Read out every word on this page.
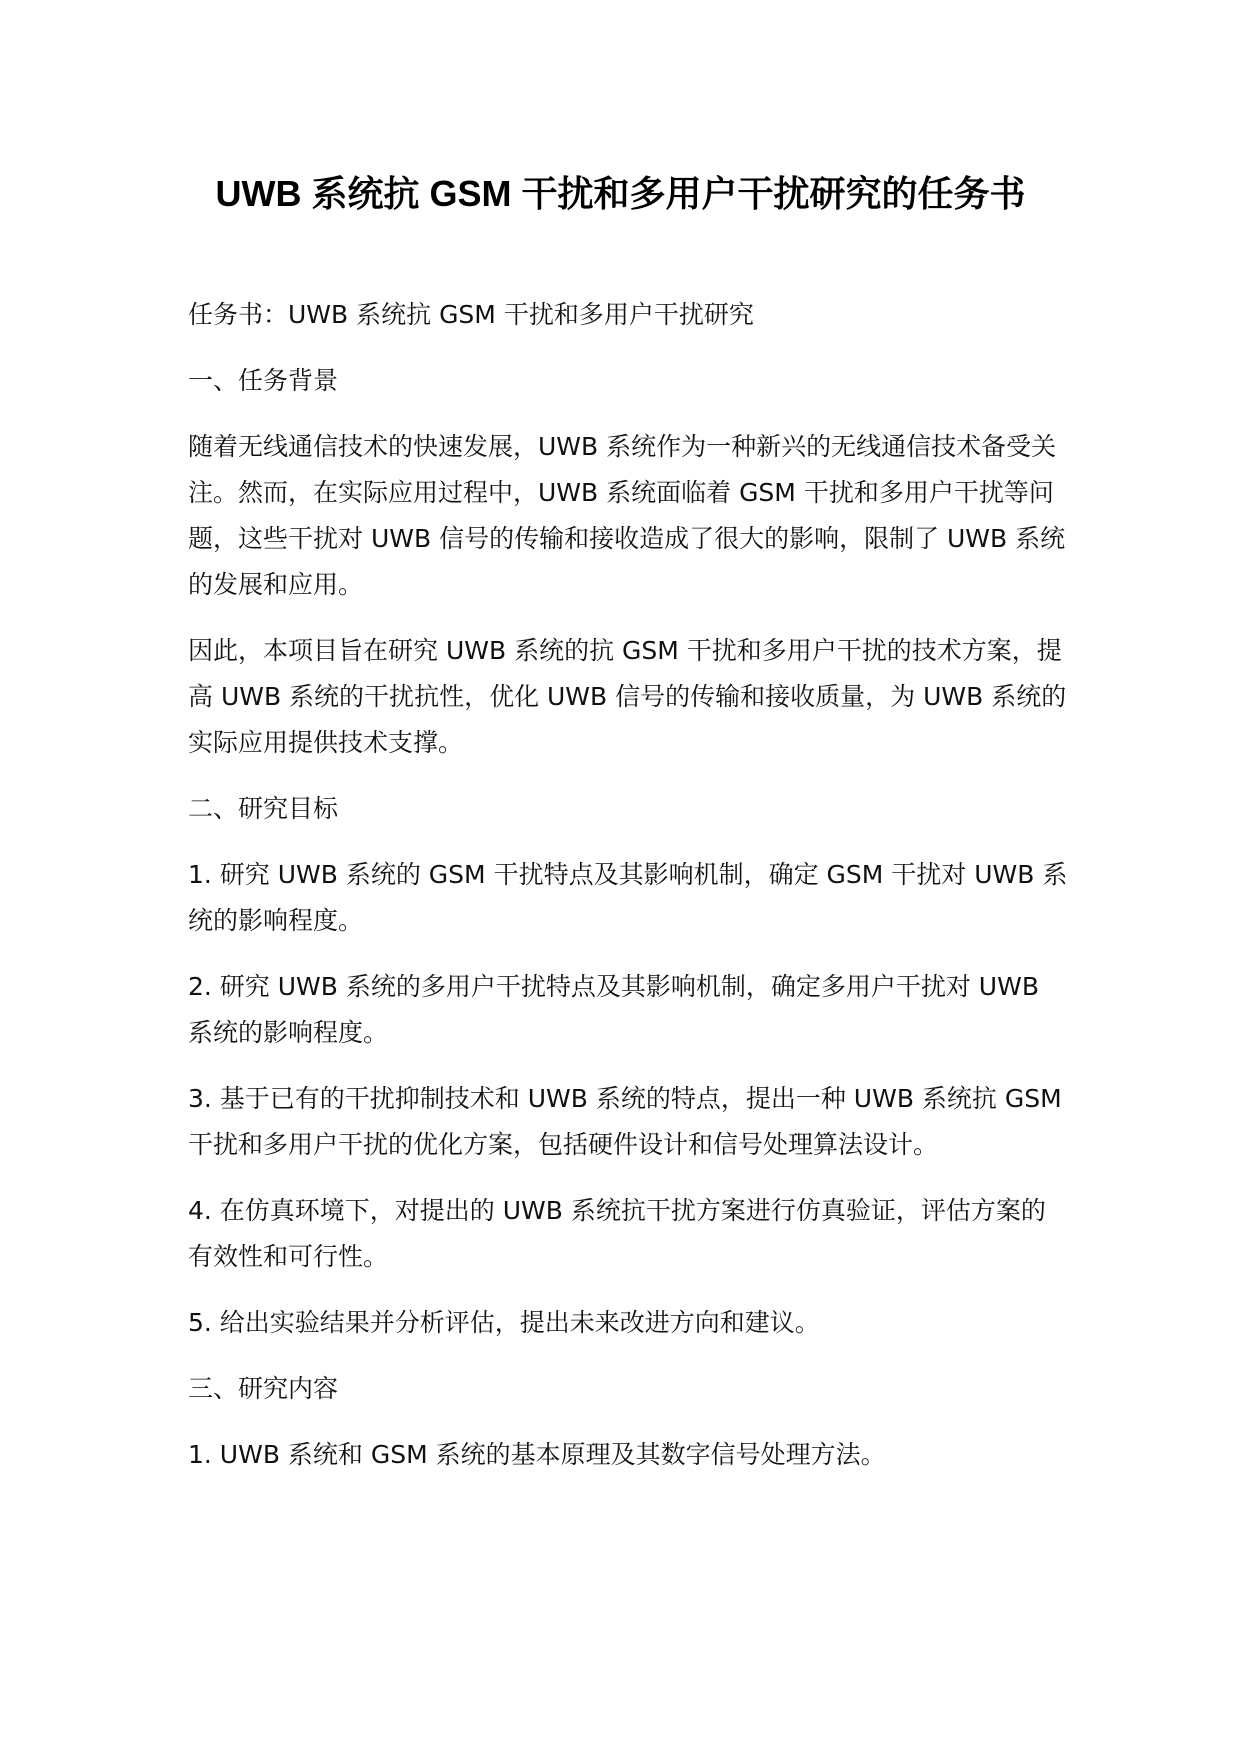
UWB 系统抗 GSM 干扰和多用户干扰研究的任务书

任务书：UWB 系统抗 GSM 干扰和多用户干扰研究

一、任务背景

随着无线通信技术的快速发展，UWB 系统作为一种新兴的无线通信技术备受关注。然而，在实际应用过程中，UWB 系统面临着 GSM 干扰和多用户干扰等问题，这些干扰对 UWB 信号的传输和接收造成了很大的影响，限制了 UWB 系统的发展和应用。

因此，本项目旨在研究 UWB 系统的抗 GSM 干扰和多用户干扰的技术方案，提高 UWB 系统的干扰抗性，优化 UWB 信号的传输和接收质量，为 UWB 系统的实际应用提供技术支撑。

二、研究目标

1. 研究 UWB 系统的 GSM 干扰特点及其影响机制，确定 GSM 干扰对 UWB 系统的影响程度。

2. 研究 UWB 系统的多用户干扰特点及其影响机制，确定多用户干扰对 UWB 系统的影响程度。

3. 基于已有的干扰抑制技术和 UWB 系统的特点，提出一种 UWB 系统抗 GSM 干扰和多用户干扰的优化方案，包括硬件设计和信号处理算法设计。

4. 在仿真环境下，对提出的 UWB 系统抗干扰方案进行仿真验证，评估方案的有效性和可行性。

5. 给出实验结果并分析评估，提出未来改进方向和建议。

三、研究内容

1. UWB 系统和 GSM 系统的基本原理及其数字信号处理方法。
